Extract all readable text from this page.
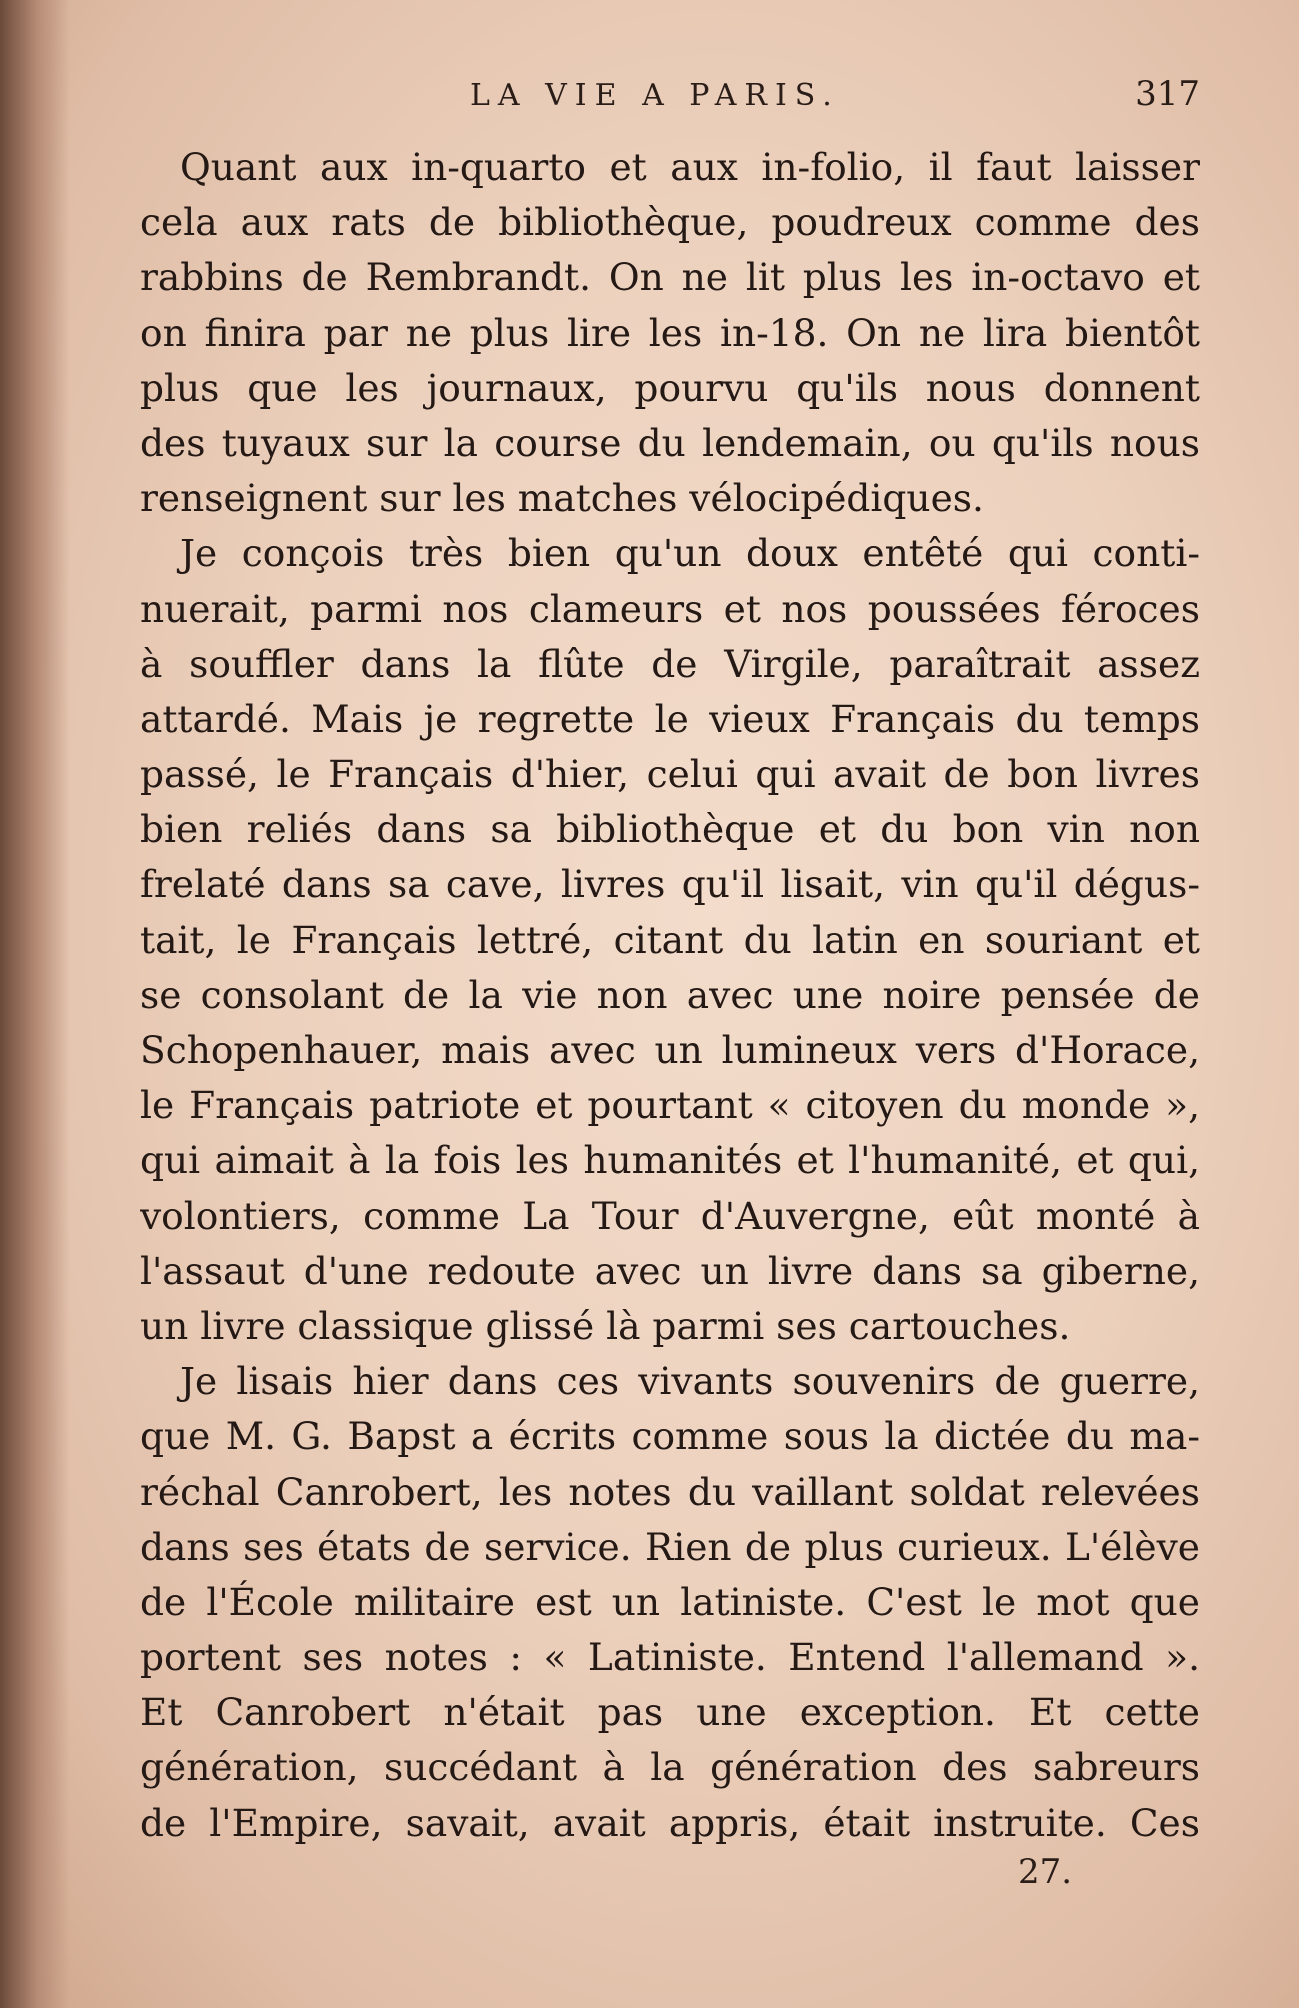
LA VIE A PARIS.	317
Quant aux in-quarto et aux in-folio, il faut laisser
cela aux rats de bibliothèque, poudreux comme des
rabbins de Rembrandt. On ne lit plus les in-octavo et
on finira par ne plus lire les in-18. On ne lira bientôt
plus que les journaux, pourvu qu'ils nous donnent
des tuyaux sur la course du lendemain, ou qu'ils nous
renseignent sur les matches vélocipédiques.
Je conçois très bien qu'un doux entêté qui conti-
nuerait, parmi nos clameurs et nos poussées féroces
à souffler dans la flûte de Virgile, paraîtrait assez
attardé. Mais je regrette le vieux Français du temps
passé, le Français d'hier, celui qui avait de bon livres
bien reliés dans sa bibliothèque et du bon vin non
frelaté dans sa cave, livres qu'il lisait, vin qu'il dégus-
tait, le Français lettré, citant du latin en souriant et
se consolant de la vie non avec une noire pensée de
Schopenhauer, mais avec un lumineux vers d'Horace,
le Français patriote et pourtant « citoyen du monde »,
qui aimait à la fois les humanités et l'humanité, et qui,
volontiers, comme La Tour d'Auvergne, eût monté à
l'assaut d'une redoute avec un livre dans sa giberne,
un livre classique glissé là parmi ses cartouches.
Je lisais hier dans ces vivants souvenirs de guerre,
que M. G. Bapst a écrits comme sous la dictée du ma-
réchal Canrobert, les notes du vaillant soldat relevées
dans ses états de service. Rien de plus curieux. L'élève
de l'École militaire est un latiniste. C'est le mot que
portent ses notes : « Latiniste. Entend l'allemand ».
Et Canrobert n'était pas une exception. Et cette
génération, succédant à la génération des sabreurs
de l'Empire, savait, avait appris, était instruite. Ces
27.
